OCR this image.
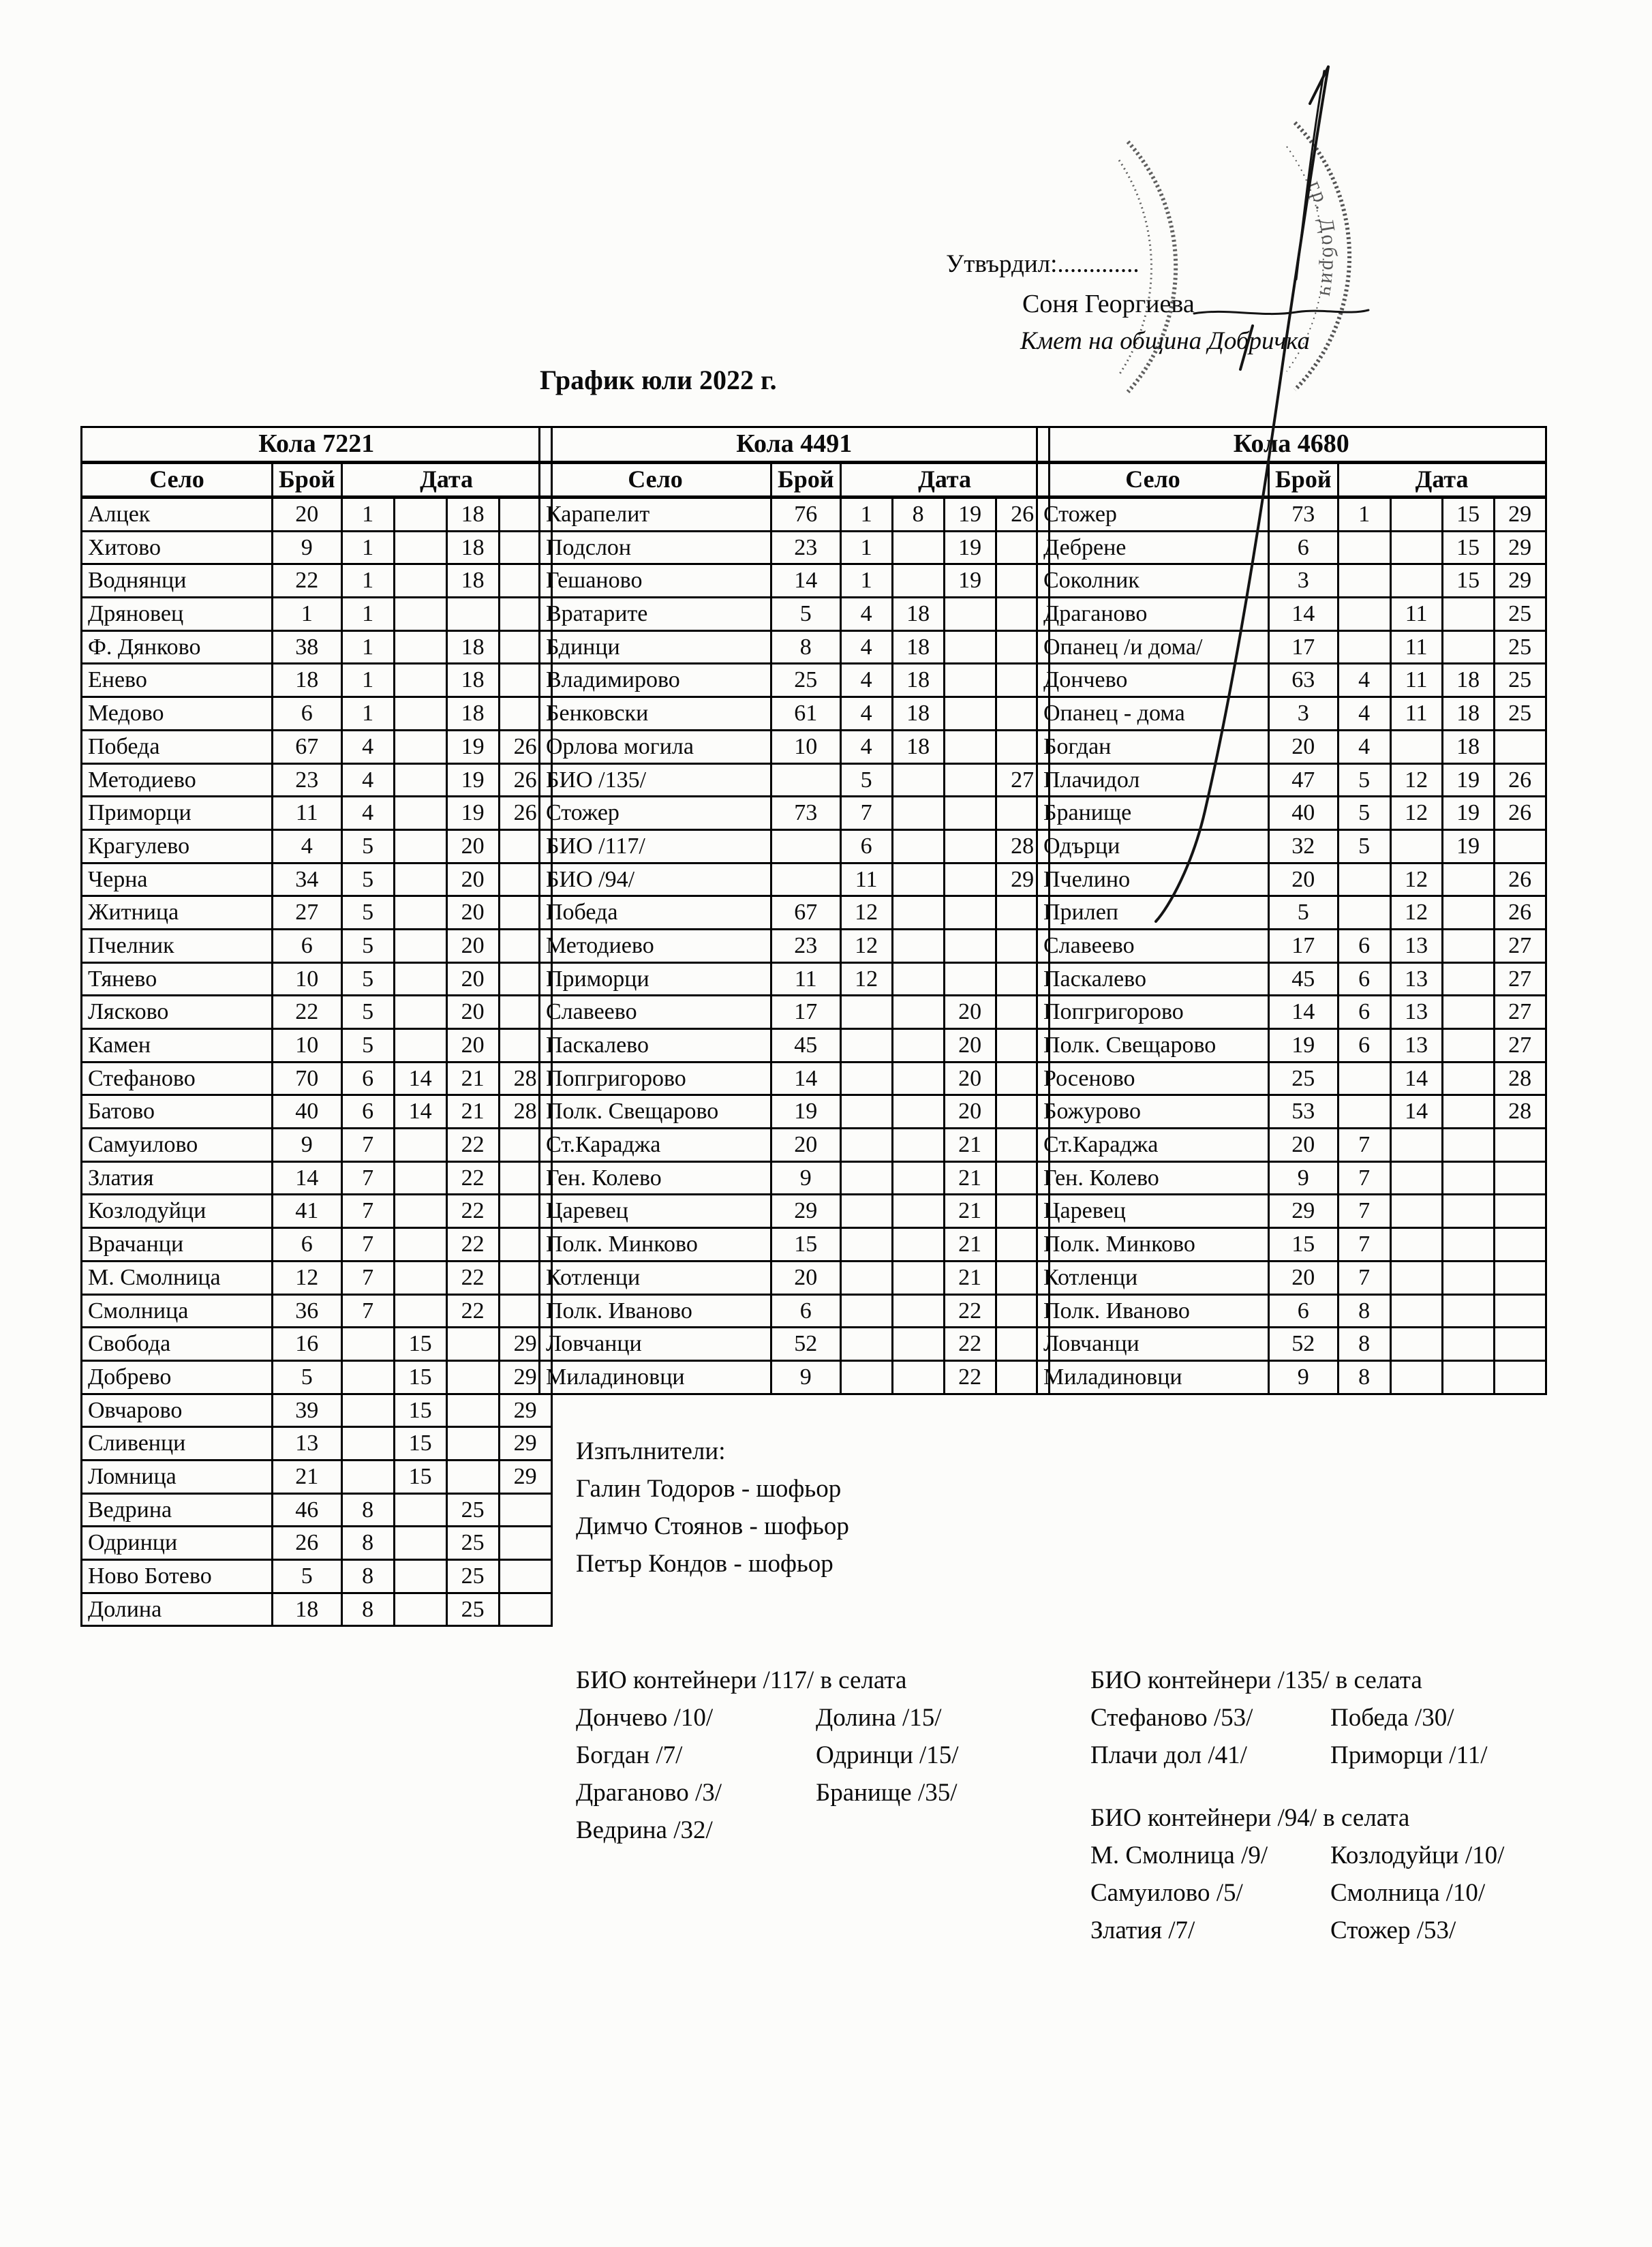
Утвърдил:.............
Соня Георгиева
Кмет на община Добричка
График юли 2022 г.
Кола 7221					
Село	Брой	Дата			
Алцек	20	1		18	
Хитово	9	1		18	
Воднянци	22	1		18	
Дряновец	1	1			
Ф. Дянково	38	1		18	
Енево	18	1		18	
Медово	6	1		18	
Победа	67	4		19	26
Методиево	23	4		19	26
Приморци	11	4		19	26
Крагулево	4	5		20	
Черна	34	5		20	
Житница	27	5		20	
Пчелник	6	5		20	
Тянево	10	5		20	
Лясково	22	5		20	
Камен	10	5		20	
Стефаново	70	6	14	21	28
Батово	40	6	14	21	28
Самуилово	9	7		22	
Златия	14	7		22	
Козлодуйци	41	7		22	
Врачанци	6	7		22	
М. Смолница	12	7		22	
Смолница	36	7		22	
Свобода	16		15		29
Добрево	5		15		29
Овчарово	39		15		29
Сливенци	13		15		29
Ломница	21		15		29
Ведрина	46	8		25	
Одринци	26	8		25	
Ново Ботево	5	8		25	
Долина	18	8		25	
Кола 4491					
Село	Брой	Дата			
Карапелит	76	1	8	19	26
Подслон	23	1		19	
Гешаново	14	1		19	
Вратарите	5	4	18		
Бдинци	8	4	18		
Владимирово	25	4	18		
Бенковски	61	4	18		
Орлова могила	10	4	18		
БИО /135/		5			27
Стожер	73	7			
БИО /117/		6			28
БИО /94/		11			29
Победа	67	12			
Методиево	23	12			
Приморци	11	12			
Славеево	17			20	
Паскалево	45			20	
Попгригорово	14			20	
Полк. Свещарово	19			20	
Ст.Караджа	20			21	
Ген. Колево	9			21	
Царевец	29			21	
Полк. Минково	15			21	
Котленци	20			21	
Полк. Иваново	6			22	
Ловчанци	52			22	
Миладиновци	9			22	
Кола 4680					
Село	Брой	Дата			
Стожер	73	1		15	29
Дебрене	6			15	29
Соколник	3			15	29
Драганово	14		11		25
Опанец /и дома/	17		11		25
Дончево	63	4	11	18	25
Опанец - дома	3	4	11	18	25
Богдан	20	4		18	
Плачидол	47	5	12	19	26
Бранище	40	5	12	19	26
Одърци	32	5		19	
Пчелино	20		12		26
Прилеп	5		12		26
Славеево	17	6	13		27
Паскалево	45	6	13		27
Попгригорово	14	6	13		27
Полк. Свещарово	19	6	13		27
Росеново	25		14		28
Божурово	53		14		28
Ст.Караджа	20	7			
Ген. Колево	9	7			
Царевец	29	7			
Полк. Минково	15	7			
Котленци	20	7			
Полк. Иваново	6	8			
Ловчанци	52	8			
Миладиновци	9	8			
Изпълнители:
Галин Тодоров - шофьор
Димчо Стоянов - шофьор
Петър Кондов - шофьор
БИО контейнери /117/ в селата
Дончево /10/	Долина /15/
Богдан /7/	Одринци /15/
Драганово /3/	Бранище /35/
Ведрина /32/
БИО контейнери /135/ в селата
Стефаново /53/	Победа /30/
Плачи дол /41/	Приморци /11/
БИО контейнери /94/ в селата
М. Смолница /9/	Козлодуйци /10/
Самуилово /5/	Смолница /10/
Златия /7/	Стожер /53/
гр. Добрич
